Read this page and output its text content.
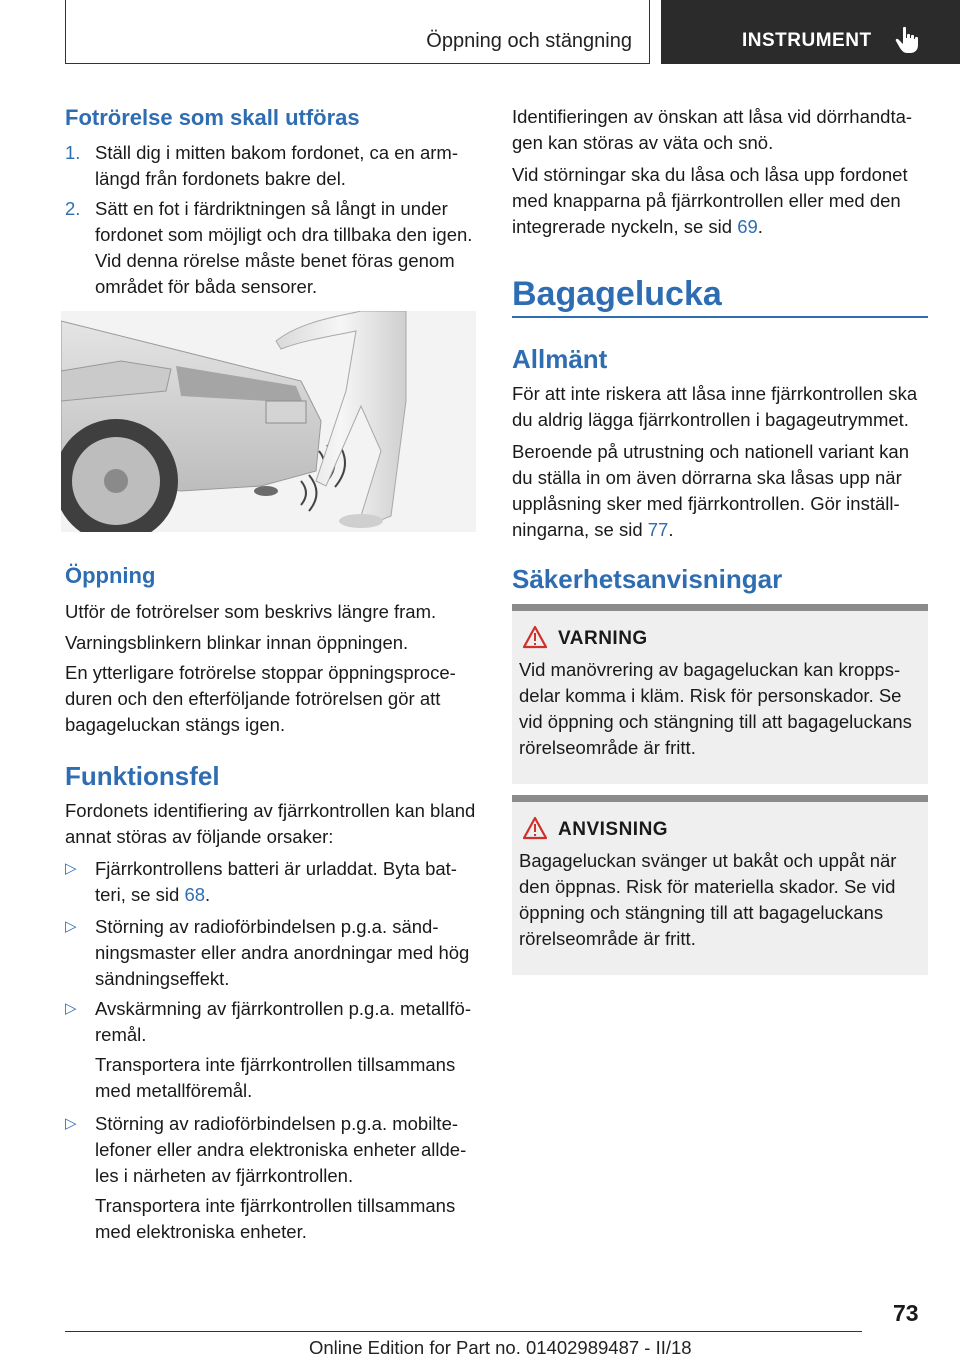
Öppning och stängning	INSTRUMENT
Fotrörelse som skall utföras
1. Ställ dig i mitten bakom fordonet, ca en armlängd från fordonets bakre del.
2. Sätt en fot i färdriktningen så långt in under fordonet som möjligt och dra tillbaka den igen. Vid denna rörelse måste benet föras genom området för båda sensorer.
Öppning
Utför de fotrörelser som beskrivs längre fram.
Varningsblinkern blinkar innan öppningen.
En ytterligare fotrörelse stoppar öppningsproceduren och den efterföljande fotrörelsen gör att bagageluckan stängs igen.
Funktionsfel
Fordonets identifiering av fjärrkontrollen kan bland annat störas av följande orsaker:
▷ Fjärrkontrollens batteri är urladdat. Byta batteri, se sid 68.
▷ Störning av radioförbindelsen p.g.a. sändningsmaster eller andra anordningar med hög sändningseffekt.
▷ Avskärmning av fjärrkontrollen p.g.a. metallföremål.
Transportera inte fjärrkontrollen tillsammans med metallföremål.
▷ Störning av radioförbindelsen p.g.a. mobiltelefoner eller andra elektroniska enheter alldeles i närheten av fjärrkontrollen.
Transportera inte fjärrkontrollen tillsammans med elektroniska enheter.
Identifieringen av önskan att låsa vid dörrhandtagen kan störas av väta och snö.
Vid störningar ska du låsa och låsa upp fordonet med knapparna på fjärrkontrollen eller med den integrerade nyckeln, se sid 69.
Bagagelucka
Allmänt
För att inte riskera att låsa inne fjärrkontrollen ska du aldrig lägga fjärrkontrollen i bagageutrymmet.
Beroende på utrustning och nationell variant kan du ställa in om även dörrarna ska låsas upp när upplåsning sker med fjärrkontrollen. Gör inställningarna, se sid 77.
Säkerhetsanvisningar
VARNING
Vid manövrering av bagageluckan kan kroppsdelar komma i kläm. Risk för personskador. Se vid öppning och stängning till att bagageluckans rörelseområde är fritt.
ANVISNING
Bagageluckan svänger ut bakåt och uppåt när den öppnas. Risk för materiella skador. Se vid öppning och stängning till att bagageluckans rörelseområde är fritt.
73
Online Edition for Part no. 01402989487 - II/18
